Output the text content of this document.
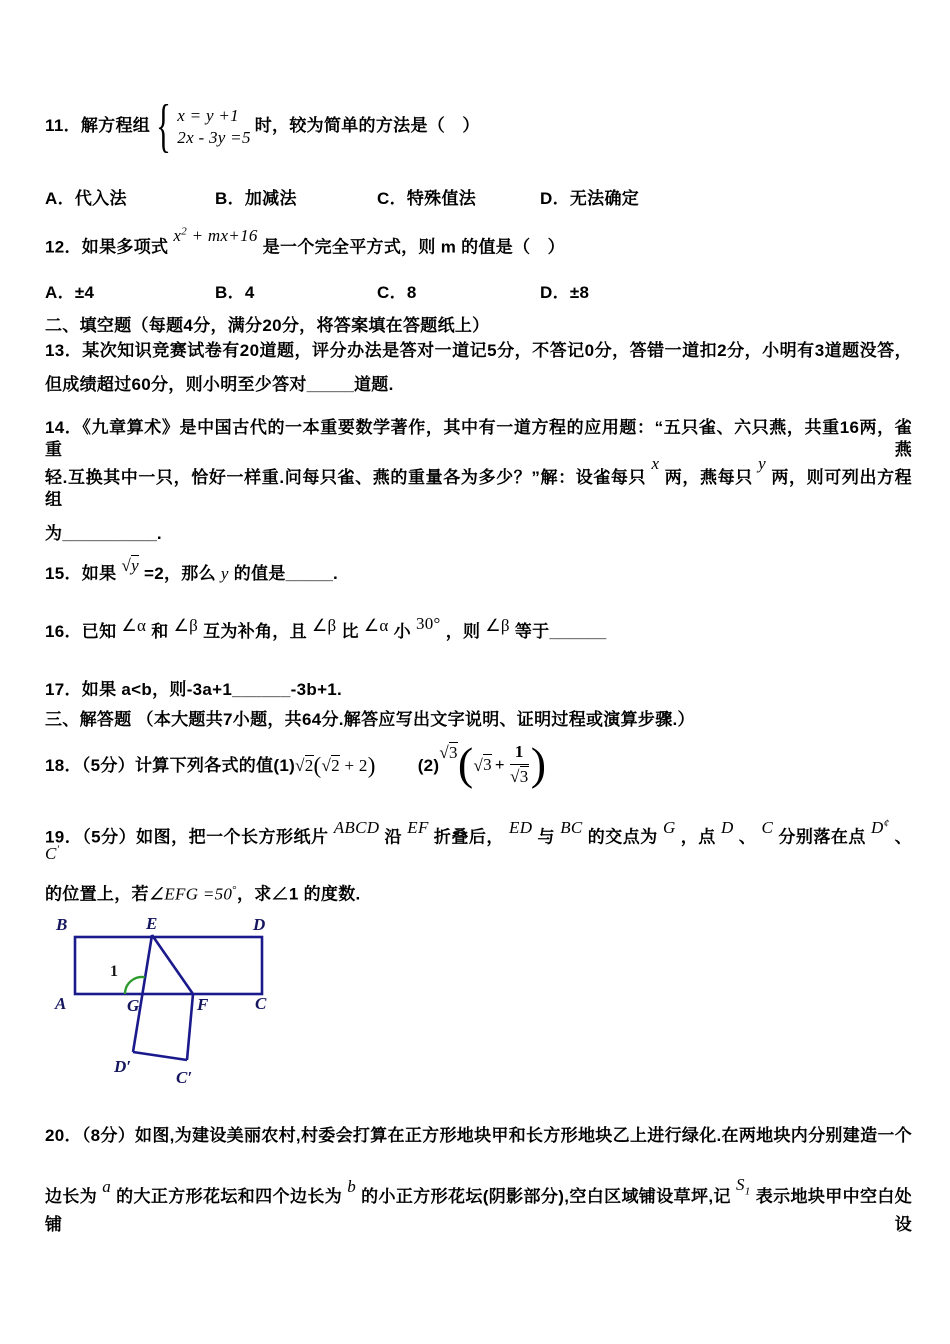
11．解方程组 { x = y +1
2x - 3y =5
时，较为简单的方法是（　）
A．代入法	B．加减法	C．特殊值法	D．无法确定
12．如果多项式 $x^2 + mx+16$ 是一个完全平方式，则 m 的值是（　）
A．±4	B．4	C．8	D．±8
二、填空题（每题4分，满分20分，将答案填在答题纸上）
13．某次知识竞赛试卷有20道题，评分办法是答对一道记5分，不答记0分，答错一道扣2分，小明有3道题没答，
但成绩超过60分，则小明至少答对_____道题.
14．《九章算术》是中国古代的一本重要数学著作，其中有一道方程的应用题：“五只雀、六只燕，共重16两，雀重燕
轻.互换其中一只，恰好一样重.问每只雀、燕的重量各为多少？”解：设雀每只 x 两，燕每只 y 两，则可列出方程组
为__________.
15．如果 √y =2，那么 y 的值是_____.
16．已知 ∠α 和 ∠β 互为补角，且 ∠β 比 ∠α 小 30° ，则 ∠β 等于______
17．如果 a<b，则-3a+1______-3b+1.
三、解答题 （本大题共7小题，共64分.解答应写出文字说明、证明过程或演算步骤.）
18．（5分）计算下列各式的值 (1) √2(√2 + 2) (2)
$√3(√3 + \frac{1}{√3}$ )
19．（5分）如图，把一个长方形纸片 ABCD 沿 EF 折叠后， ED 与 BC 的交点为 G ，点 D 、 C 分别落在点 D¢ 、 C′
的位置上，若∠EFG =50°，求∠1 的度数.
B	E	D
A	G	F	C
D′
C′
1
20．（8分）如图,为建设美丽农村,村委会打算在正方形地块甲和长方形地块乙上进行绿化.在两地块内分别建造一个
边长为 a 的大正方形花坛和四个边长为 b 的小正方形花坛(阴影部分),空白区域铺设草坪,记 $S_1$ 表示地块甲中空白处铺设
